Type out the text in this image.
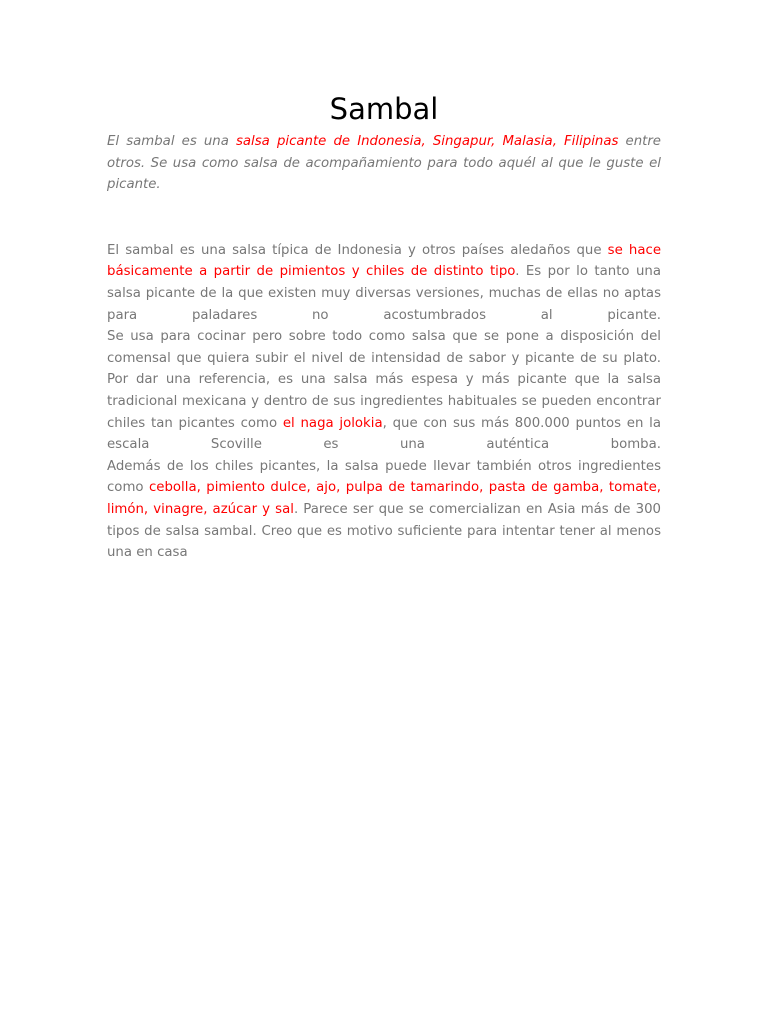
Sambal

El sambal es una salsa picante de Indonesia, Singapur, Malasia, Filipinas entre otros. Se usa como salsa de acompañamiento para todo aquél al que le guste el picante.

El sambal es una salsa típica de Indonesia y otros países aledaños que se hace básicamente a partir de pimientos y chiles de distinto tipo. Es por lo tanto una salsa picante de la que existen muy diversas versiones, muchas de ellas no aptas para paladares no acostumbrados al picante.
Se usa para cocinar pero sobre todo como salsa que se pone a disposición del comensal que quiera subir el nivel de intensidad de sabor y picante de su plato. Por dar una referencia, es una salsa más espesa y más picante que la salsa tradicional mexicana y dentro de sus ingredientes habituales se pueden encontrar chiles tan picantes como el naga jolokia, que con sus más 800.000 puntos en la escala Scoville es una auténtica bomba.
Además de los chiles picantes, la salsa puede llevar también otros ingredientes como cebolla, pimiento dulce, ajo, pulpa de tamarindo, pasta de gamba, tomate, limón, vinagre, azúcar y sal. Parece ser que se comercializan en Asia más de 300 tipos de salsa sambal. Creo que es motivo suficiente para intentar tener al menos una en casa
